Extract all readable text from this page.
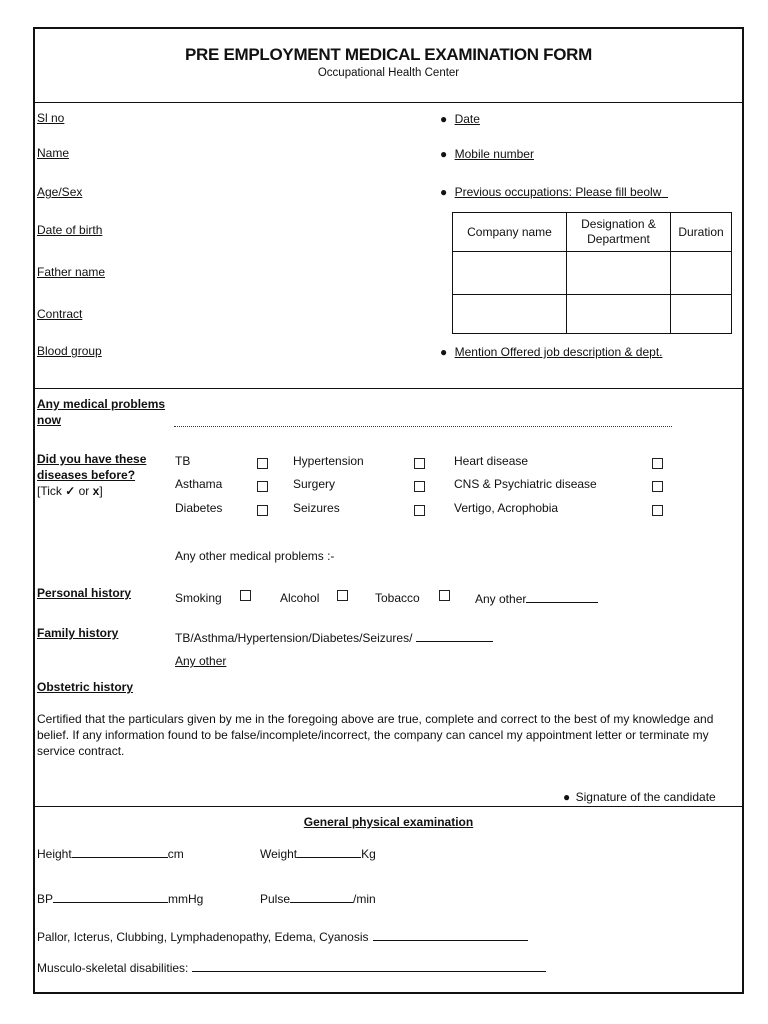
PRE EMPLOYMENT MEDICAL EXAMINATION FORM
Occupational Health Center
Sl no
Name
Age/Sex
Date of birth
Father name
Contract
Blood group
● Date
● Mobile number
● Previous occupations: Please fill beolw
Company name	Designation & Department	Duration

● Mention Offered job description & dept.
Any medical problems now
Did you have these diseases before?
[Tick ✓ or x]
TB	Hypertension	Heart disease
Asthama	Surgery	CNS & Psychiatric disease
Diabetes	Seizures	Vertigo, Acrophobia
Any other medical problems :-
Personal history	Smoking	Alcohol	Tobacco	Any other
Family history	TB/Asthma/Hypertension/Diabetes/Seizures/
Any other
Obstetric history
Certified that the particulars given by me in the foregoing above are true, complete and correct to the best of my knowledge and belief. If any information found to be false/incomplete/incorrect, the company can cancel my appointment letter or terminate my service contract.
● Signature of the candidate
General physical examination
Height	cm	Weight	Kg
BP	mmHg	Pulse	/min
Pallor, Icterus, Clubbing, Lymphadenopathy, Edema, Cyanosis
Musculo-skeletal disabilities:
